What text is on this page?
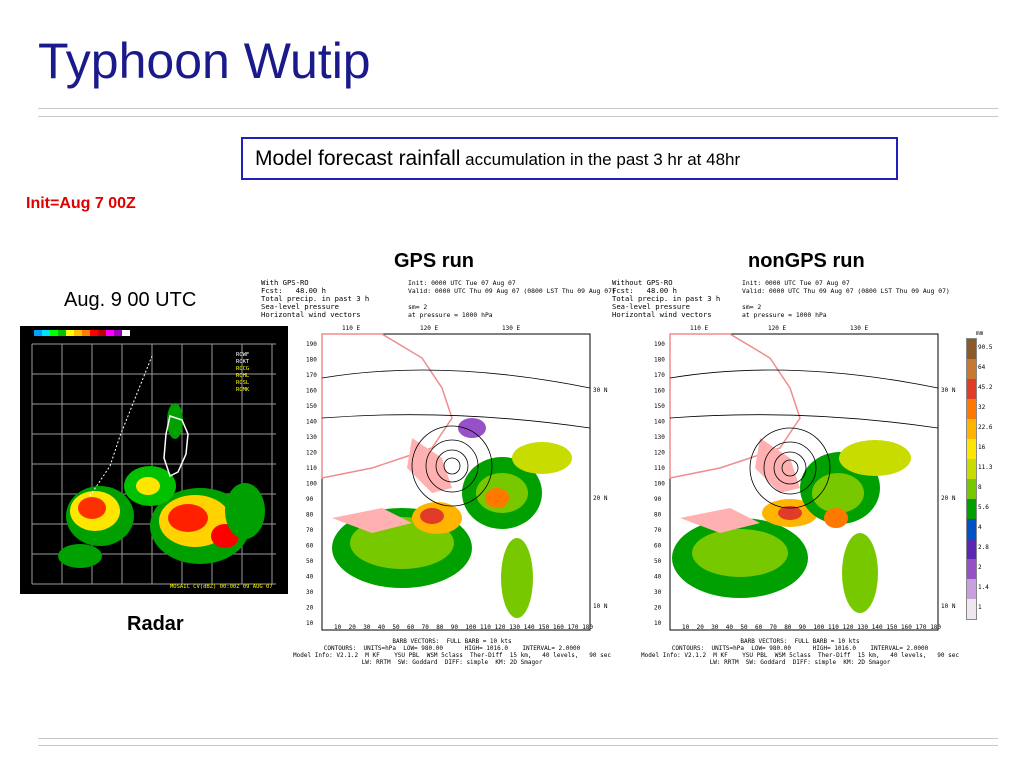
Typhoon Wutip
Model forecast rainfall accumulation in the past 3 hr at 48hr
Init=Aug 7 00Z
GPS run	nonGPS run
Aug. 9 00 UTC
Radar
RCWF
RCKT
RCCG
RCHL
RCSL
RCMK
MOSAIC CV(dBZ) 00:00Z 09 AUG 07
With GPS-RO
Fcst:   48.00 h
Total precip. in past 3 h
Sea-level pressure
Horizontal wind vectors
Init: 0000 UTC Tue 07 Aug 07
Valid: 0000 UTC Thu 09 Aug 07 (0800 LST Thu 09 Aug 07)

sm= 2
at pressure = 1000 hPa
110 E	120 E	130 E
30 N
20 N
10 N
190
180
170
160
150
140
130
120
110
100
90
80
70
60
50
40
30
20
10
10 20 30 40 50 60 70 80 90 100 110 120 130 140 150 160 170 180
BARB VECTORS:  FULL BARB = 10 kts
CONTOURS:  UNITS=hPa  LOW= 980.00      HIGH= 1016.0    INTERVAL= 2.0000
Model Info: V2.1.2  M KF    YSU PBL  WSM 5class  Ther-Diff  15 km,   40 levels,   90 sec
LW: RRTM  SW: Goddard  DIFF: simple  KM: 2D Smagor
Without GPS-RO
Fcst:   48.00 h
Total precip. in past 3 h
Sea-level pressure
Horizontal wind vectors
Init: 0000 UTC Tue 07 Aug 07
Valid: 0000 UTC Thu 09 Aug 07 (0800 LST Thu 09 Aug 07)

sm= 2
at pressure = 1000 hPa
110 E	120 E	130 E
30 N
20 N
10 N
190
180
170
160
150
140
130
120
110
100
90
80
70
60
50
40
30
20
10
10 20 30 40 50 60 70 80 90 100 110 120 130 140 150 160 170 180
BARB VECTORS:  FULL BARB = 10 kts
CONTOURS:  UNITS=hPa  LOW= 980.00      HIGH= 1016.0    INTERVAL= 2.0000
Model Info: V2.1.2  M KF    YSU PBL  WSM 5class  Ther-Diff  15 km,   40 levels,   90 sec
LW: RRTM  SW: Goddard  DIFF: simple  KM: 2D Smagor
mm
90.5
64
45.2
32
22.6
16
11.3
8
5.6
4
2.8
2
1.4
1
